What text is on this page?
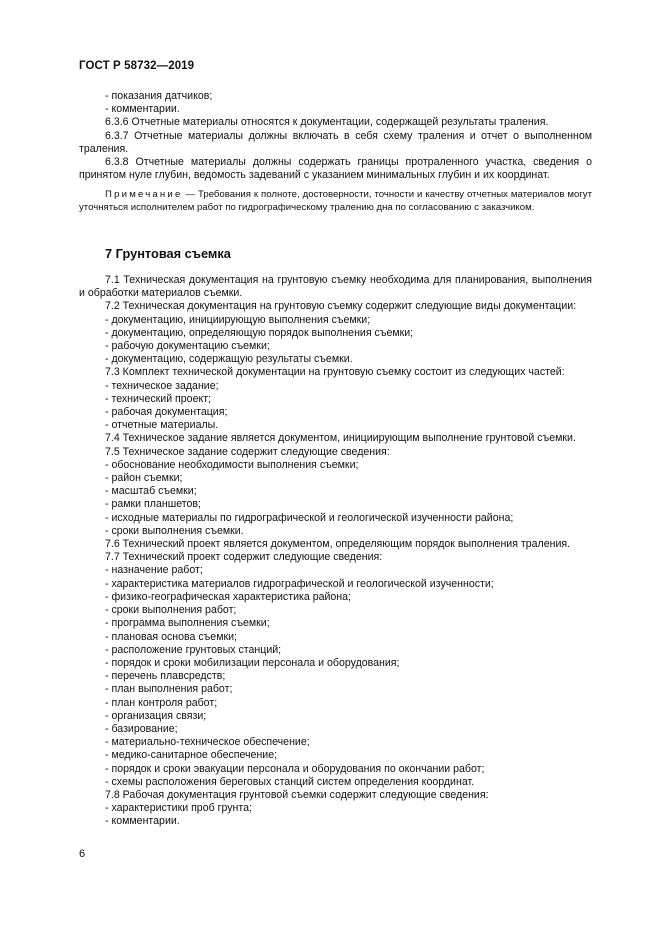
ГОСТ Р 58732—2019

- показания датчиков;

- комментарии.

6.3.6 Отчетные материалы относятся к документации, содержащей результаты траления.

6.3.7 Отчетные материалы должны включать в себя схему траления и отчет о выполненном траления.

6.3.8 Отчетные материалы должны содержать границы протраленного участка, сведения о принятом нуле глубин, ведомость задеваний с указанием минимальных глубин и их координат.

Примечание — Требования к полноте, достоверности, точности и качеству отчетных материалов могут уточняться исполнителем работ по гидрографическому тралению дна по согласованию с заказчиком.

7 Грунтовая съемка

7.1 Техническая документация на грунтовую съемку необходима для планирования, выполнения и обработки материалов съемки.

7.2 Техническая документация на грунтовую съемку содержит следующие виды документации:

- документацию, инициирующую выполнения съемки;

- документацию, определяющую порядок выполнения съемки;

- рабочую документацию съемки;

- документацию, содержащую результаты съемки.

7.3 Комплект технической документации на грунтовую съемку состоит из следующих частей:

- техническое задание;

- технический проект;

- рабочая документация;

- отчетные материалы.

7.4 Техническое задание является документом, инициирующим выполнение грунтовой съемки.

7.5 Техническое задание содержит следующие сведения:

- обоснование необходимости выполнения съемки;

- район съемки;

- масштаб съемки;

- рамки планшетов;

- исходные материалы по гидрографической и геологической изученности района;

- сроки выполнения съемки.

7.6 Технический проект является документом, определяющим порядок выполнения траления.

7.7 Технический проект содержит следующие сведения:

- назначение работ;

- характеристика материалов гидрографической и геологической изученности;

- физико-географическая характеристика района;

- сроки выполнения работ;

- программа выполнения съемки;

- плановая основа съемки;

- расположение грунтовых станций;

- порядок и сроки мобилизации персонала и оборудования;

- перечень плавсредств;

- план выполнения работ;

- план контроля работ;

- организация связи;

- базирование;

- материально-техническое обеспечение;

- медико-санитарное обеспечение;

- порядок и сроки эвакуации персонала и оборудования по окончании работ;

- схемы расположения береговых станций систем определения координат.

7.8 Рабочая документация грунтовой съемки содержит следующие сведения:

- характеристики проб грунта;

- комментарии.

6
